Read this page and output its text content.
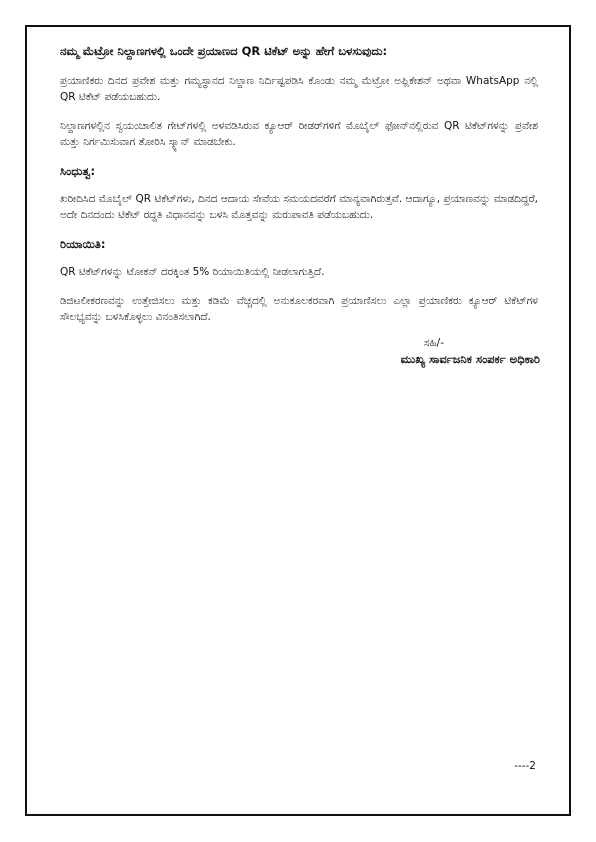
ನಮ್ಮ ಮೆಟ್ರೋ ನಿಲ್ದಾಣಗಳಲ್ಲಿ ಒಂದೇ ಪ್ರಯಾಣದ QR ಟಿಕೆಟ್ ಅನ್ನು ಹೇಗೆ ಬಳಸುವುದು:

ಪ್ರಯಾಣಿಕರು ದಿನದ ಪ್ರವೇಶ ಮತ್ತು ಗಮ್ಯಸ್ಥಾನದ ನಿಲ್ದಾಣ ನಿರ್ದಿಷ್ಟಪಡಿಸಿ ಕೊಂಡು ನಮ್ಮ ಮೆಟ್ರೋ ಅಪ್ಲಿಕೇಶನ್ ಅಥವಾ WhatsApp ನಲ್ಲಿ QR ಟಿಕೆಟ್ ಪಡೆಯಬಹುದು.

ನಿಲ್ದಾಣಗಳಲ್ಲಿನ ಸ್ವಯಂಚಾಲಿತ ಗೇಟ್‌ಗಳಲ್ಲಿ ಅಳವಡಿಸಿರುವ ಕ್ಯೂಆರ್ ರೀಡರ್‌ಗಳಿಗೆ ಮೊಬೈಲ್ ಫೋನ್‌ನಲ್ಲಿರುವ QR ಟಿಕೆಟ್‌ಗಳನ್ನು ಪ್ರವೇಶ ಮತ್ತು ನಿರ್ಗಮಿಸುವಾಗ ತೋರಿಸಿ ಸ್ಕ್ಯಾನ್ ಮಾಡಬೇಕು.

ಸಿಂಧುತ್ವ:

ಖರೀದಿಸಿದ ಮೊಬೈಲ್ QR ಟಿಕೆಟ್‌ಗಳು, ದಿನದ ಆದಾಯ ಸೇವೆಯ ಸಮಯದವರೆಗೆ ಮಾನ್ಯವಾಗಿರುತ್ತವೆ. ಆದಾಗ್ಯೂ, ಪ್ರಯಾಣವನ್ನು ಮಾಡದಿದ್ದರೆ, ಅದೇ ದಿನದಂದು ಟಿಕೆಟ್ ರದ್ದತಿ ವಿಧಾನವನ್ನು ಬಳಸಿ ಮೊತ್ತವನ್ನು ಮರುಪಾವತಿ ಪಡೆಯಬಹುದು.

ರಿಯಾಯಿತಿ:

QR ಟಿಕೆಟ್‌ಗಳನ್ನು ಟೋಕನ್ ದರಕ್ಕಿಂತ 5% ರಿಯಾಯಿತಿಯಲ್ಲಿ ನೀಡಲಾಗುತ್ತಿದೆ.

ಡಿಜಿಟಲೀಕರಣವನ್ನು ಉತ್ತೇಜಿಸಲು ಮತ್ತು ಕಡಿಮೆ ವೆಚ್ಚದಲ್ಲಿ ಅನುಕೂಲಕರವಾಗಿ ಪ್ರಯಾಣಿಸಲು ಎಲ್ಲಾ ಪ್ರಯಾಣಿಕರು ಕ್ಯೂಆರ್ ಟಿಕೆಟ್‌ಗಳ ಸೌಲಭ್ಯವನ್ನು ಬಳಸಿಕೊಳ್ಳಲು ವಿನಂತಿಸಲಾಗಿದೆ.

ಸಹಿ/-
ಮುಖ್ಯ ಸಾರ್ವಜನಿಕ ಸಂಪರ್ಕ ಅಧಿಕಾರಿ
----2
